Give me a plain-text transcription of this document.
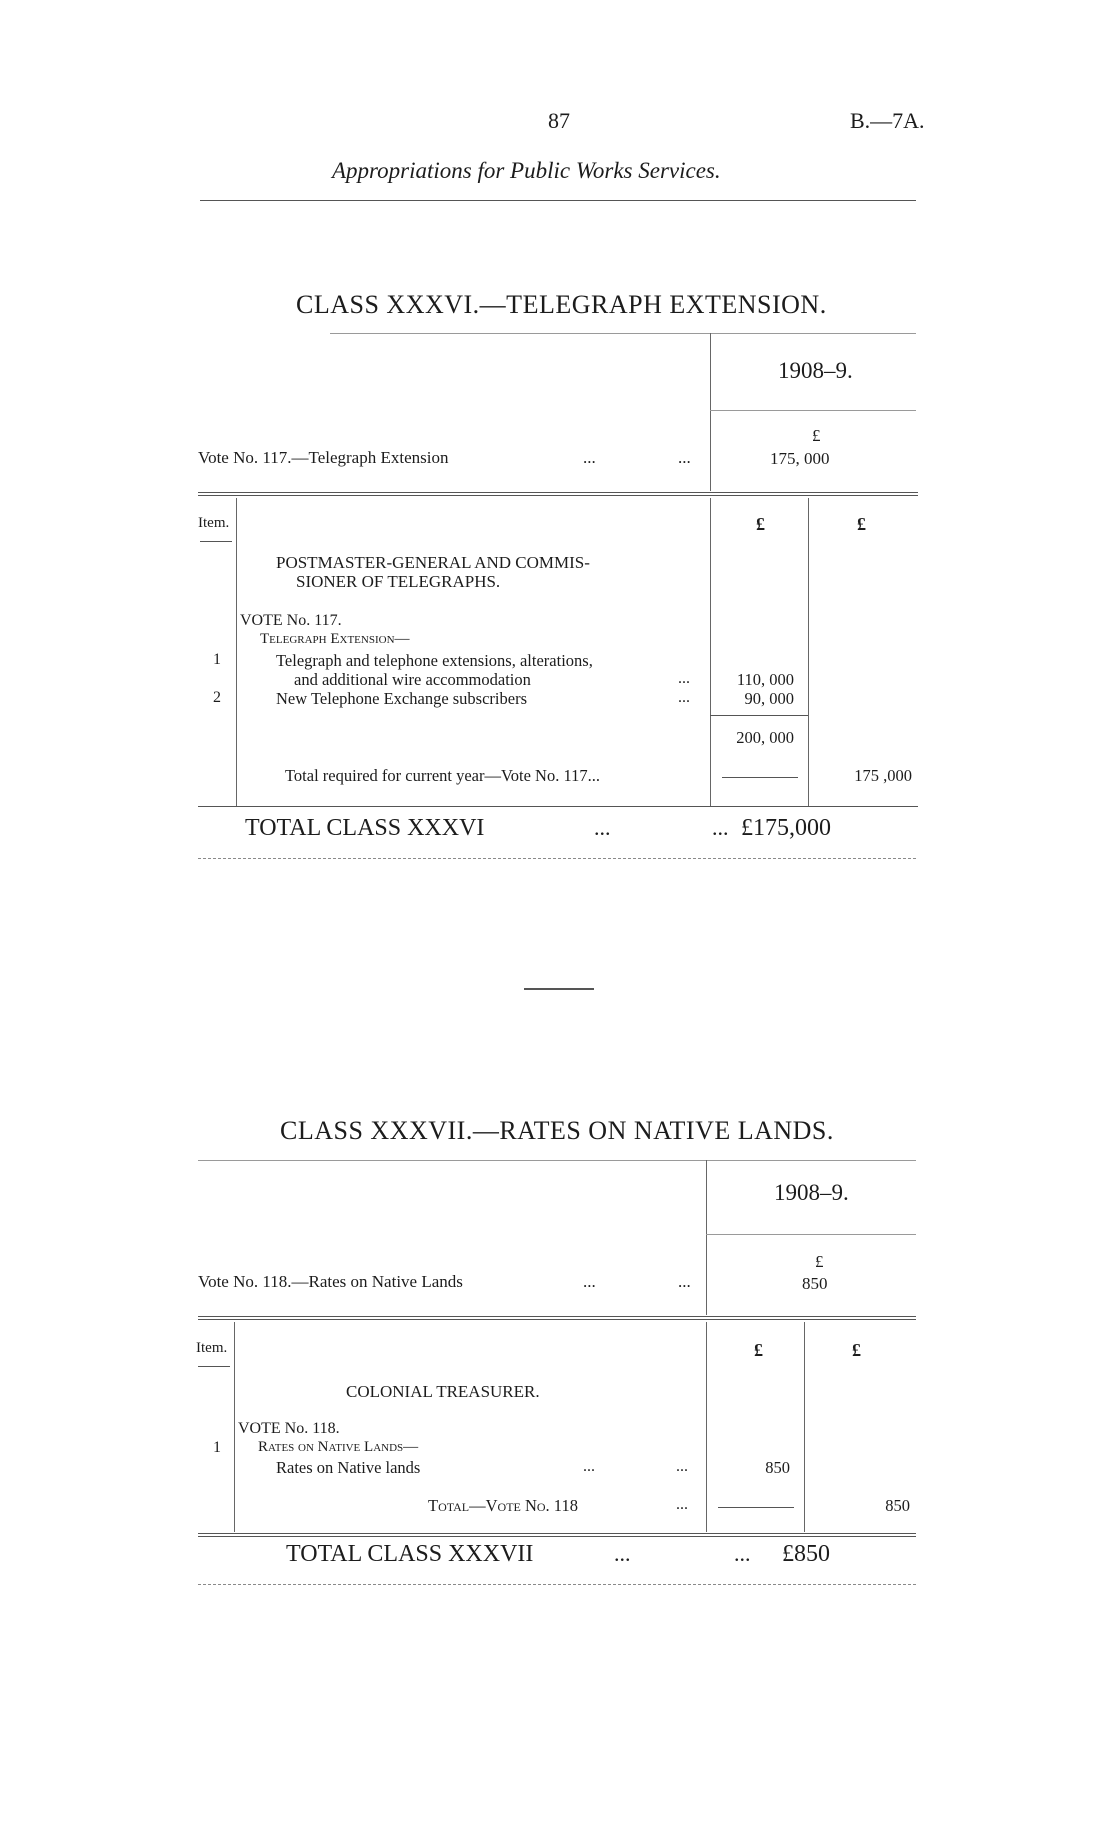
87	B.—7A.
Appropriations for Public Works Services.
CLASS XXXVI.—TELEGRAPH EXTENSION.
1908–9.
£
Vote No. 117.—Telegraph Extension	...	...	175, 000
Item.	£	£
POSTMASTER-GENERAL AND COMMIS-
SIONER OF TELEGRAPHS.
VOTE No. 117.
Telegraph Extension—
1	Telegraph and telephone extensions, alterations,
and additional wire accommodation	...	110, 000
2	New Telephone Exchange subscribers	...	90, 000
200, 000
Total required for current year—Vote No. 117...	175 ,000
TOTAL CLASS XXXVI	...	... £175,000
CLASS XXXVII.—RATES ON NATIVE LANDS.
1908–9.
£
Vote No. 118.—Rates on Native Lands	...	...	850
Item.	£	£
COLONIAL TREASURER.
VOTE No. 118.
1 Rates on Native Lands—
Rates on Native lands	...	...	850
Total—Vote No. 118	...	850
TOTAL CLASS XXXVII	...	... £850
